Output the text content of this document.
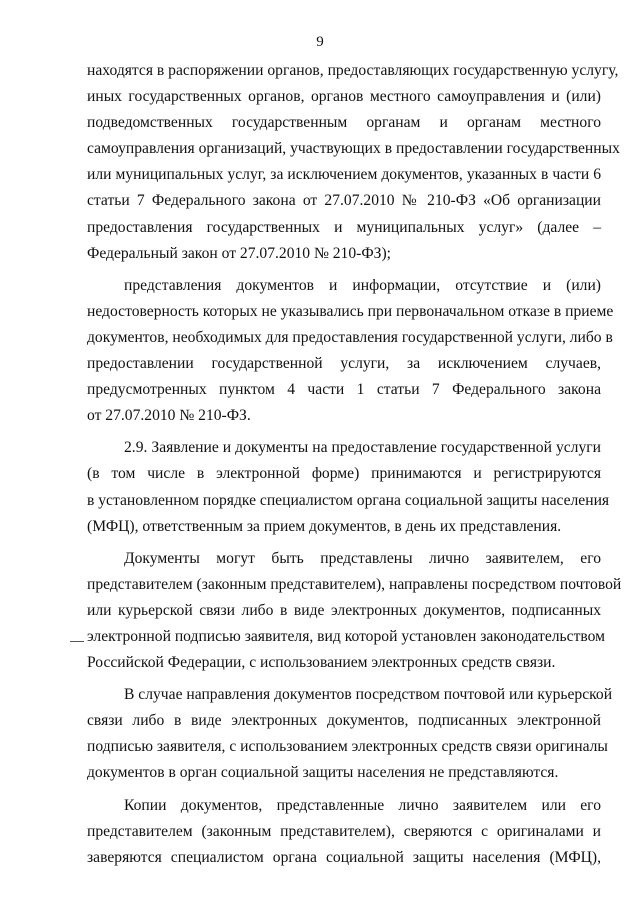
9
находятся в распоряжении органов, предоставляющих государственную услугу,
иных государственных органов, органов местного самоуправления и (или)
подведомственных государственным органам и органам местного
самоуправления организаций, участвующих в предоставлении государственных
или муниципальных услуг, за исключением документов, указанных в части 6
статьи 7 Федерального закона от 27.07.2010 № 210-ФЗ «Об организации
предоставления государственных и муниципальных услуг» (далее –
Федеральный закон от 27.07.2010 № 210-ФЗ);
представления документов и информации, отсутствие и (или)
недостоверность которых не указывались при первоначальном отказе в приеме
документов, необходимых для предоставления государственной услуги, либо в
предоставлении государственной услуги, за исключением случаев,
предусмотренных пунктом 4 части 1 статьи 7 Федерального закона
от 27.07.2010 № 210-ФЗ.
2.9. Заявление и документы на предоставление государственной услуги
(в том числе в электронной форме) принимаются и регистрируются
в установленном порядке специалистом органа социальной защиты населения
(МФЦ), ответственным за прием документов, в день их представления.
Документы могут быть представлены лично заявителем, его
представителем (законным представителем), направлены посредством почтовой
или курьерской связи либо в виде электронных документов, подписанных
электронной подписью заявителя, вид которой установлен законодательством
Российской Федерации, с использованием электронных средств связи.
В случае направления документов посредством почтовой или курьерской
связи либо в виде электронных документов, подписанных электронной
подписью заявителя, с использованием электронных средств связи оригиналы
документов в орган социальной защиты населения не представляются.
Копии документов, представленные лично заявителем или его
представителем (законным представителем), сверяются с оригиналами и
заверяются специалистом органа социальной защиты населения (МФЦ),
